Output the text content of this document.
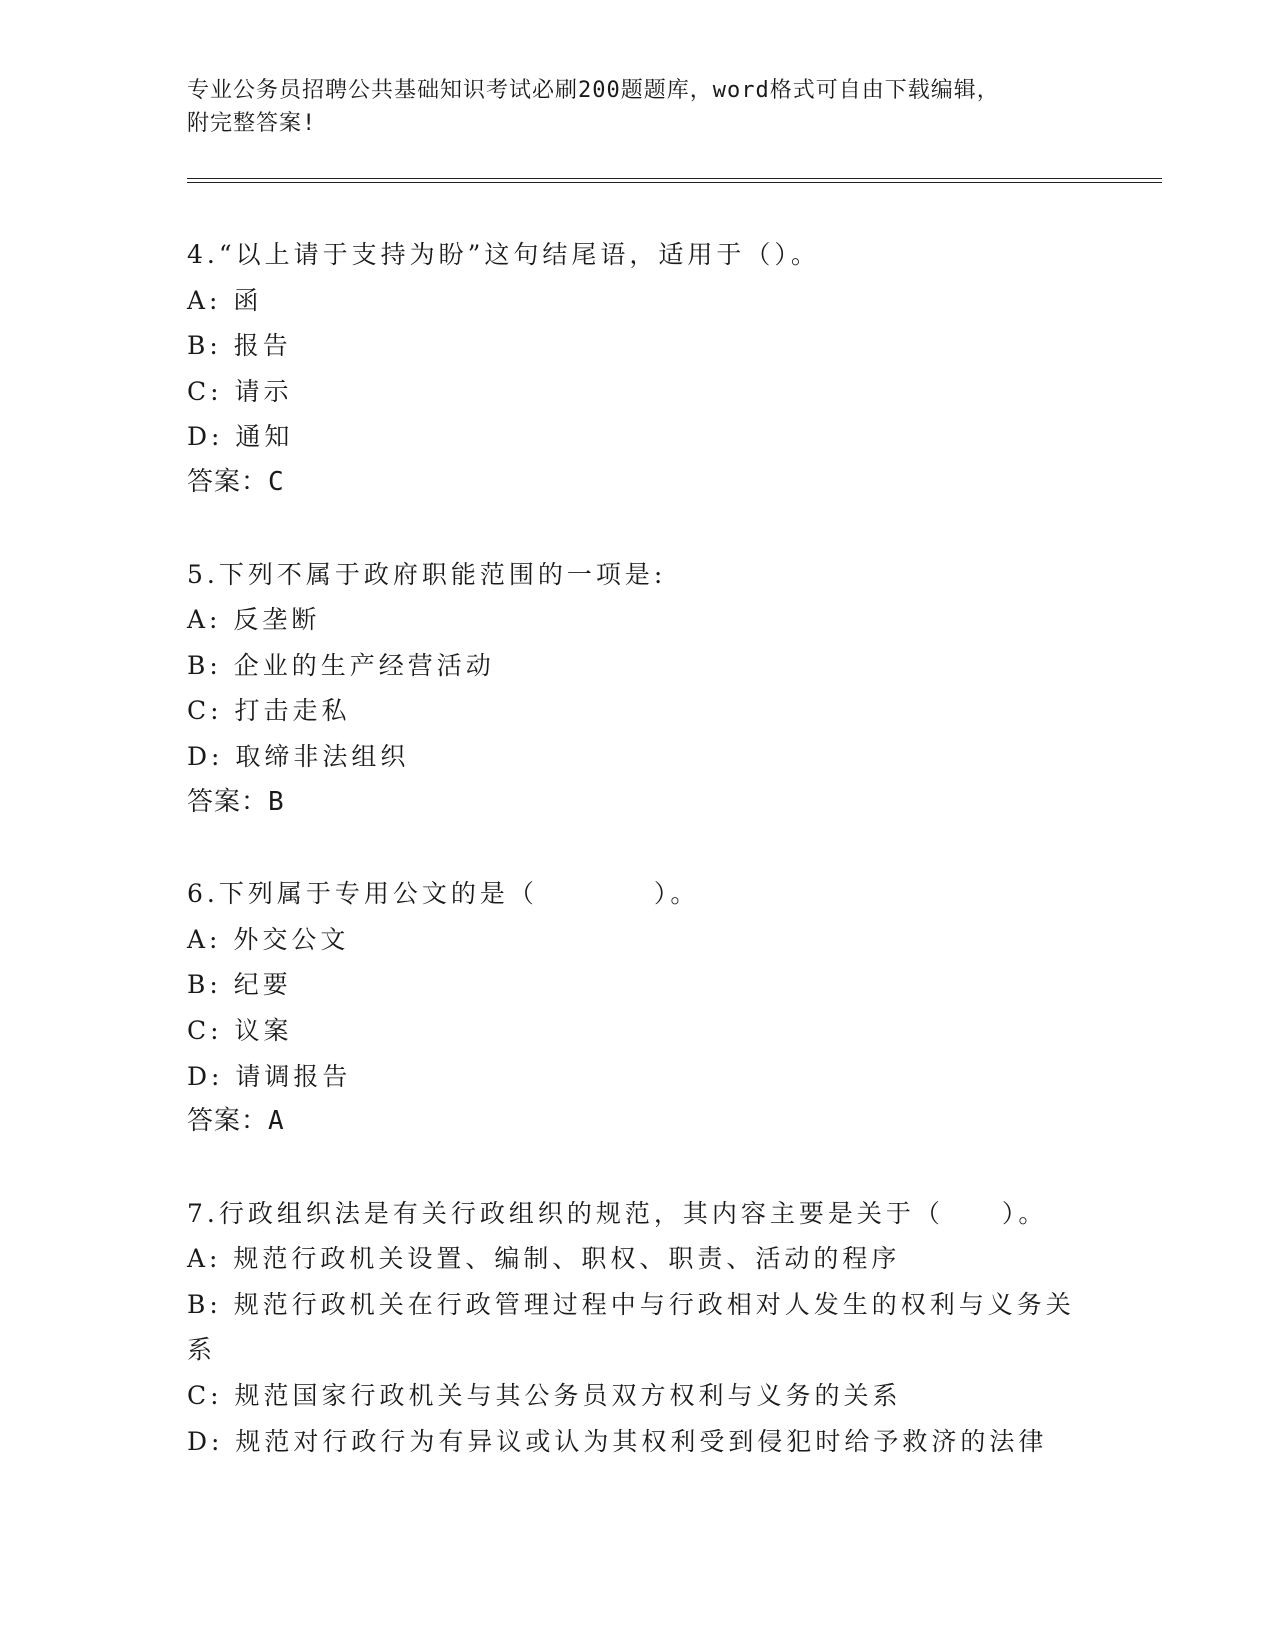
专业公务员招聘公共基础知识考试必刷200题题库，word格式可自由下载编辑，
附完整答案!
4.“以上请于支持为盼”这句结尾语，适用于（）。
A: 函
B: 报告
C: 请示
D: 通知
答案：C
5.下列不属于政府职能范围的一项是:
A: 反垄断
B: 企业的生产经营活动
C: 打击走私
D: 取缔非法组织
答案：B
6.下列属于专用公文的是（　　　　）。
A: 外交公文
B: 纪要
C: 议案
D: 请调报告
答案：A
7.行政组织法是有关行政组织的规范，其内容主要是关于（　　）。
A: 规范行政机关设置、编制、职权、职责、活动的程序
B: 规范行政机关在行政管理过程中与行政相对人发生的权利与义务关系
C: 规范国家行政机关与其公务员双方权利与义务的关系
D: 规范对行政行为有异议或认为其权利受到侵犯时给予救济的法律
